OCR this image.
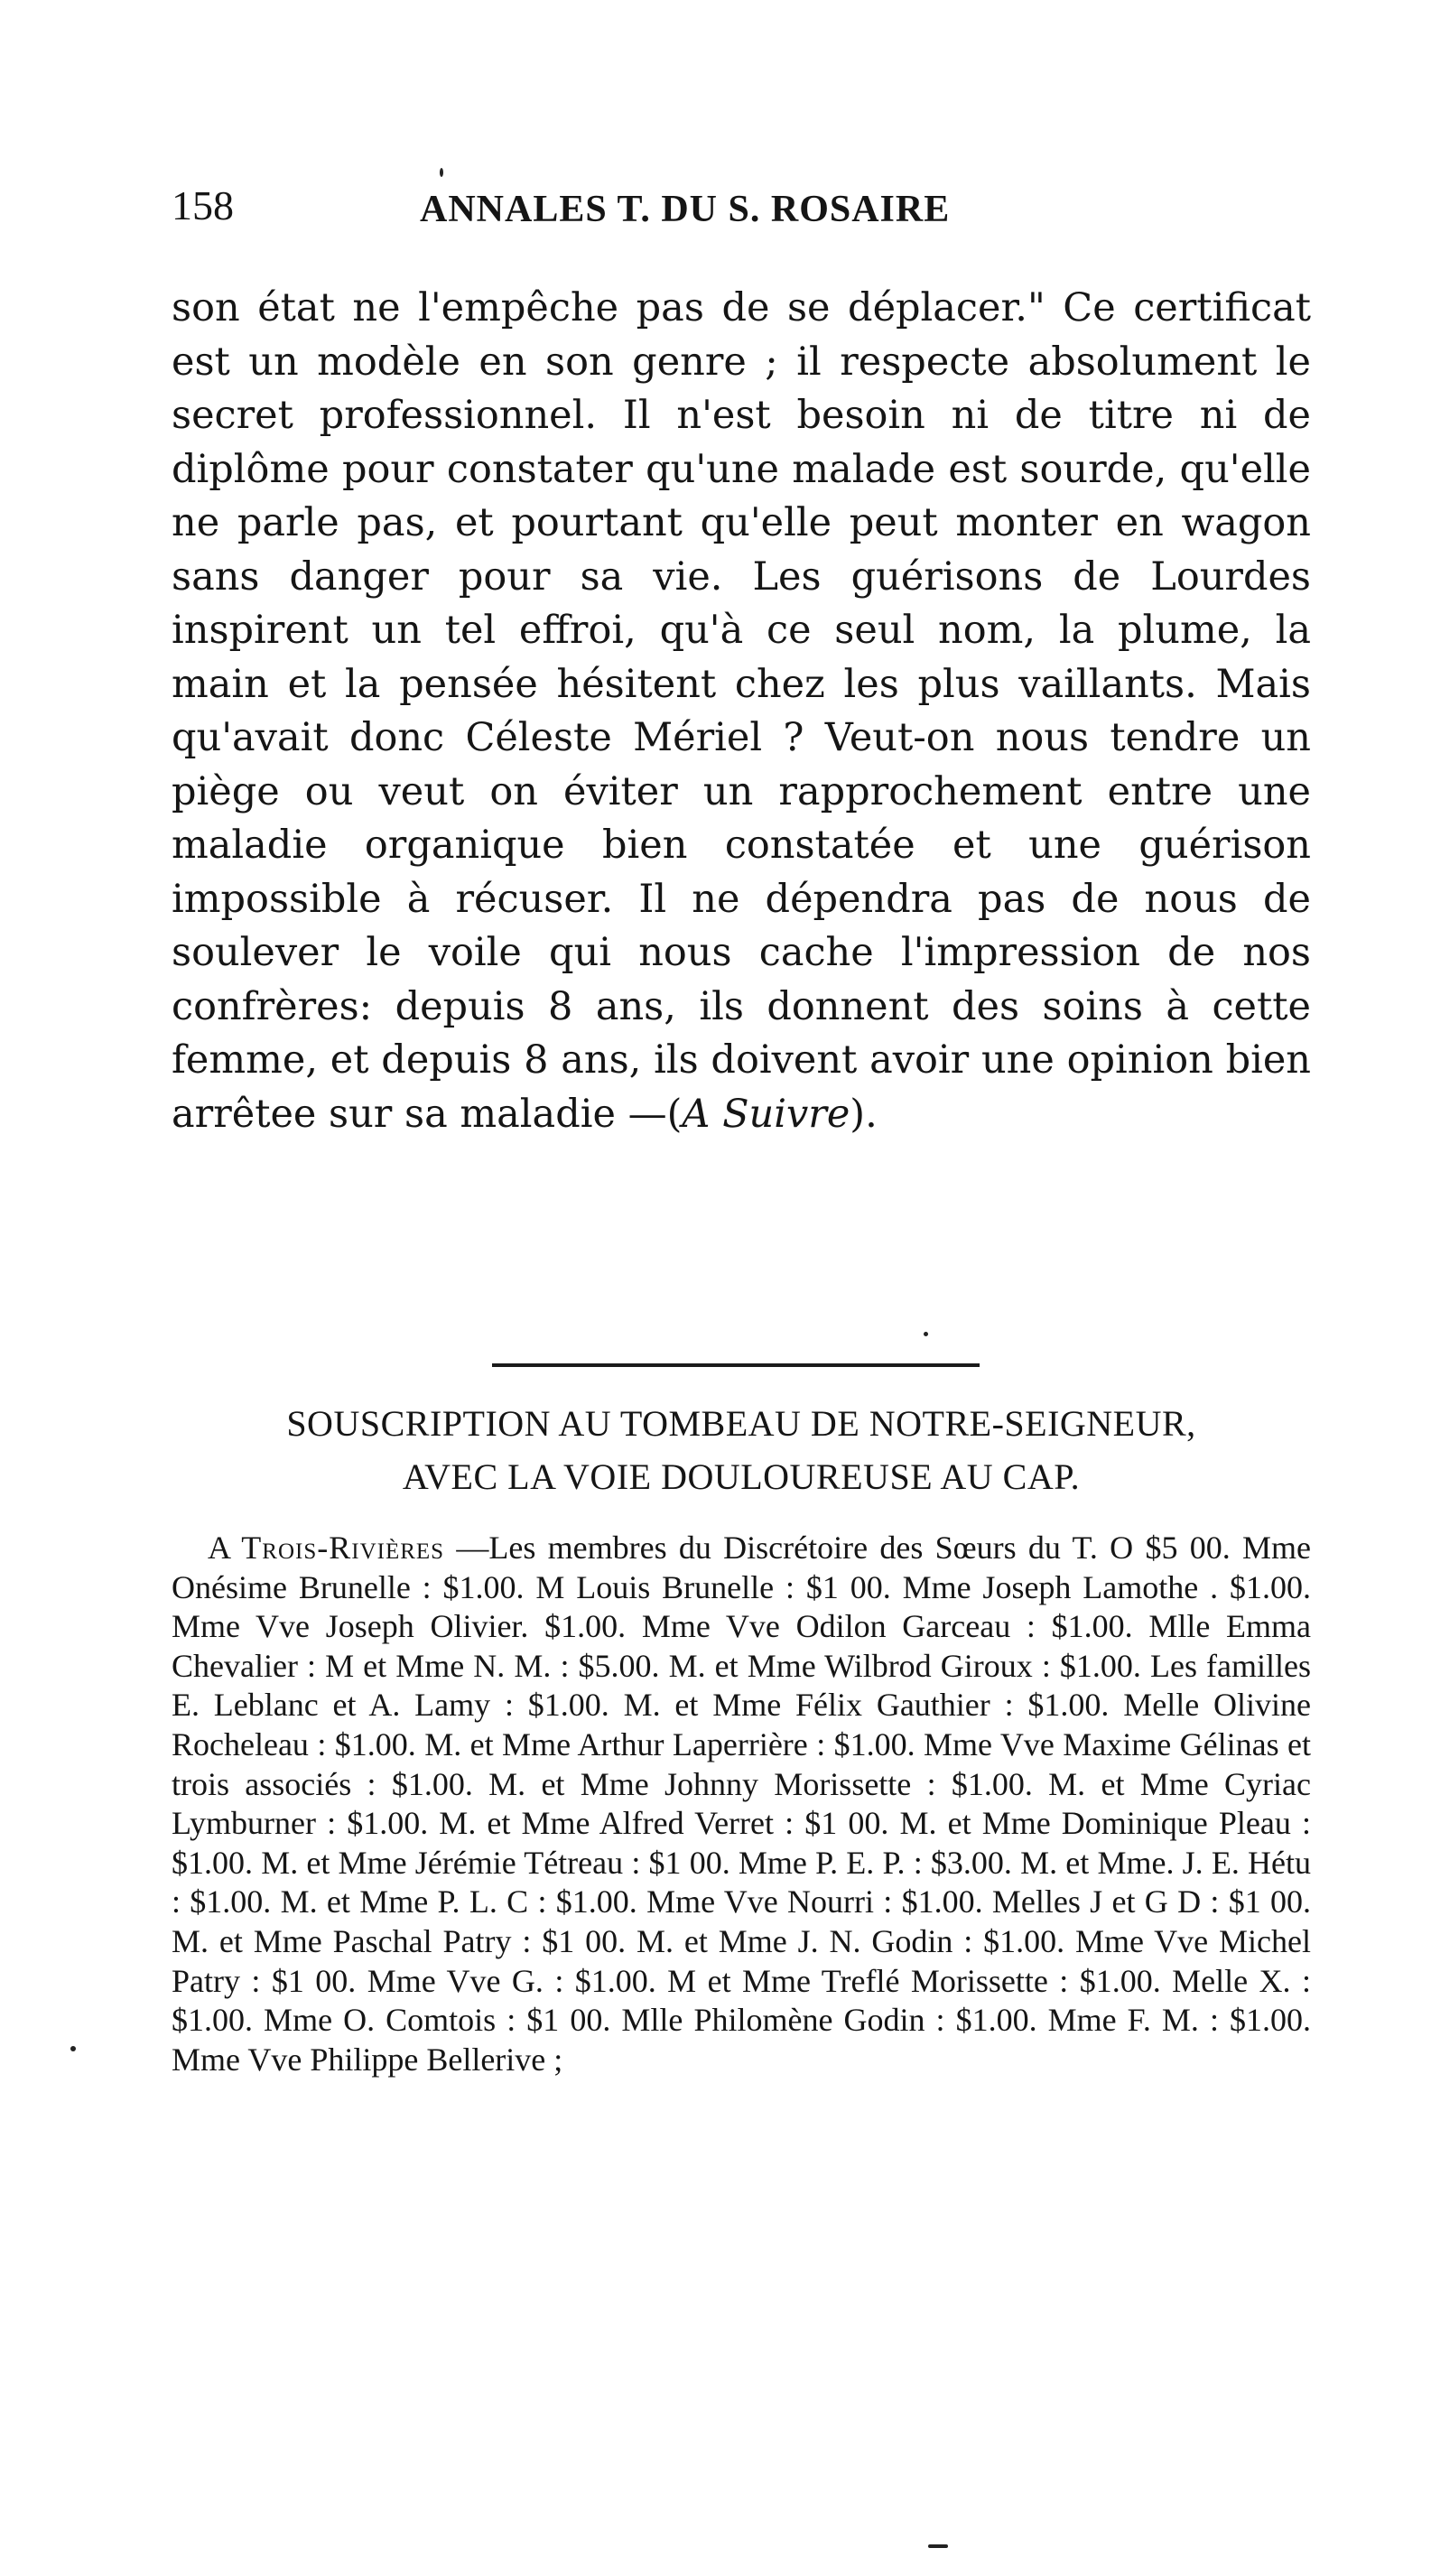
158	ANNALES T. DU S. ROSAIRE

son état ne l'empêche pas de se déplacer." Ce certificat est un modèle en son genre ; il respecte absolument le secret professionnel. Il n'est besoin ni de titre ni de diplôme pour constater qu'une malade est sourde, qu'elle ne parle pas, et pourtant qu'elle peut monter en wagon sans danger pour sa vie. Les guérisons de Lourdes inspirent un tel effroi, qu'à ce seul nom, la plume, la main et la pensée hésitent chez les plus vaillants. Mais qu'avait donc Céleste Mériel ? Veut-on nous tendre un piège ou veut on éviter un rapprochement entre une maladie organique bien constatée et une guérison impossible à récuser. Il ne dépendra pas de nous de soulever le voile qui nous cache l'impression de nos confrères: depuis 8 ans, ils donnent des soins à cette femme, et depuis 8 ans, ils doivent avoir une opinion bien arrêtee sur sa maladie —(A Suivre).

SOUSCRIPTION AU TOMBEAU DE NOTRE-SEIGNEUR,
AVEC LA VOIE DOULOUREUSE AU CAP.

A Trois-Rivières —Les membres du Discrétoire des Sœurs du T. O $5 00. Mme Onésime Brunelle : $1.00. M Louis Brunelle : $1 00. Mme Joseph Lamothe . $1.00. Mme Vve Joseph Olivier. $1.00. Mme Vve Odilon Garceau : $1.00. Mlle Emma Chevalier : M et Mme N. M. : $5.00. M. et Mme Wilbrod Giroux : $1.00. Les familles E. Leblanc et A. Lamy : $1.00. M. et Mme Félix Gauthier : $1.00. Melle Olivine Rocheleau : $1.00. M. et Mme Arthur Laperrière : $1.00. Mme Vve Maxime Gélinas et trois associés : $1.00. M. et Mme Johnny Morissette : $1.00. M. et Mme Cyriac Lymburner : $1.00. M. et Mme Alfred Verret : $1 00. M. et Mme Dominique Pleau : $1.00. M. et Mme Jérémie Tétreau : $1 00. Mme P. E. P. : $3.00. M. et Mme. J. E. Hétu : $1.00. M. et Mme P. L. C : $1.00. Mme Vve Nourri : $1.00. Melles J et G D : $1 00. M. et Mme Paschal Patry : $1 00. M. et Mme J. N. Godin : $1.00. Mme Vve Michel Patry : $1 00. Mme Vve G. : $1.00. M et Mme Treflé Morissette : $1.00. Melle X. : $1.00. Mme O. Comtois : $1 00. Mlle Philomène Godin : $1.00. Mme F. M. : $1.00. Mme Vve Philippe Bellerive ;
